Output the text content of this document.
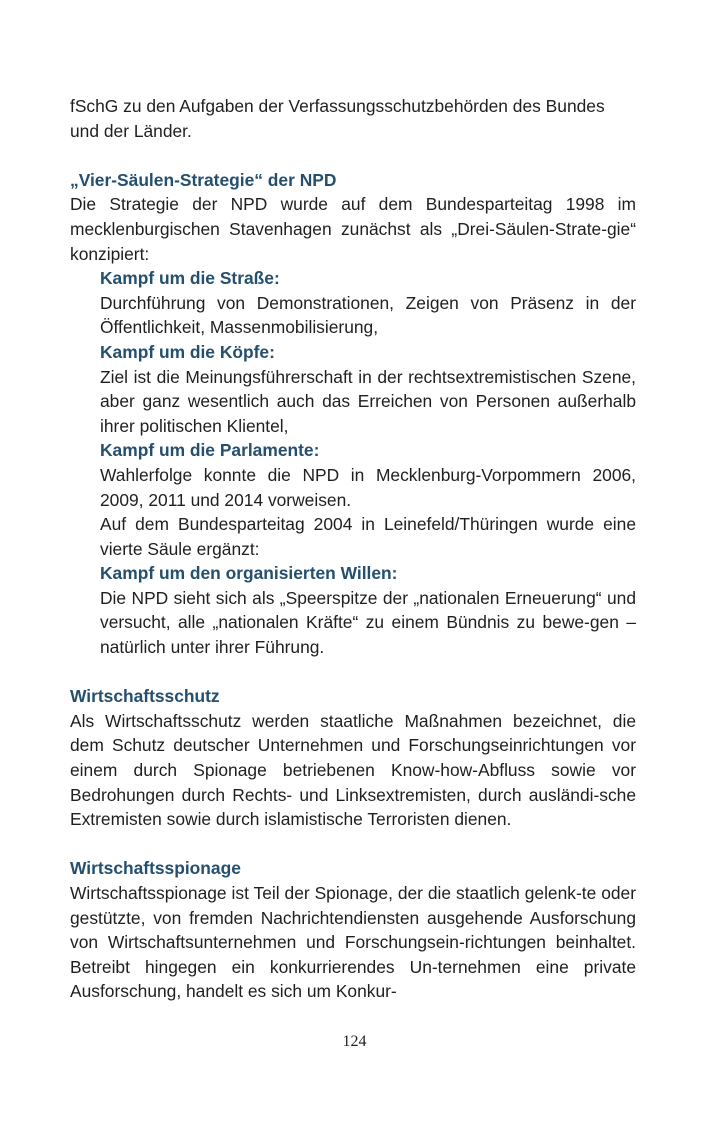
fSchG zu den Aufgaben der Verfassungsschutzbehörden des Bundes
und der Länder.

„Vier-Säulen-Strategie“ der NPD

Die Strategie der NPD wurde auf dem Bundesparteitag 1998 im mecklenburgischen Stavenhagen zunächst als „Drei-Säulen-Strate-gie“ konzipiert:

Kampf um die Straße:

Durchführung von Demonstrationen, Zeigen von Präsenz in der Öffentlichkeit, Massenmobilisierung,

Kampf um die Köpfe:

Ziel ist die Meinungsführerschaft in der rechtsextremistischen Szene, aber ganz wesentlich auch das Erreichen von Personen außerhalb ihrer politischen Klientel,

Kampf um die Parlamente:

Wahlerfolge konnte die NPD in Mecklenburg-Vorpommern 2006, 2009, 2011 und 2014 vorweisen.

Auf dem Bundesparteitag 2004 in Leinefeld/Thüringen wurde eine vierte Säule ergänzt:

Kampf um den organisierten Willen:

Die NPD sieht sich als „Speerspitze der „nationalen Erneuerung“ und versucht, alle „nationalen Kräfte“ zu einem Bündnis zu bewe-gen – natürlich unter ihrer Führung.

Wirtschaftsschutz

Als Wirtschaftsschutz werden staatliche Maßnahmen bezeichnet, die dem Schutz deutscher Unternehmen und Forschungseinrichtungen vor einem durch Spionage betriebenen Know-how-Abfluss sowie vor Bedrohungen durch Rechts- und Linksextremisten, durch ausländi-sche Extremisten sowie durch islamistische Terroristen dienen.

Wirtschaftsspionage

Wirtschaftsspionage ist Teil der Spionage, der die staatlich gelenk-te oder gestützte, von fremden Nachrichtendiensten ausgehende Ausforschung von Wirtschaftsunternehmen und Forschungsein-richtungen beinhaltet. Betreibt hingegen ein konkurrierendes Un-ternehmen eine private Ausforschung, handelt es sich um Konkur-

124
